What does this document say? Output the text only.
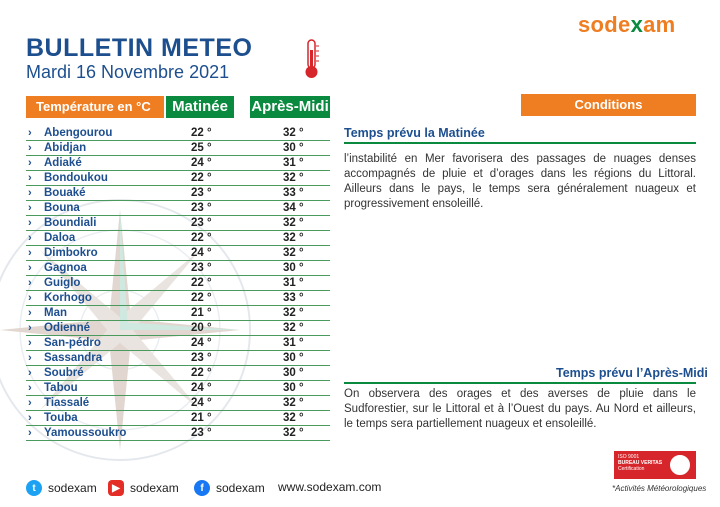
BULLETIN METEO
Mardi 16 Novembre 2021
sodexam
Température en °C	Matinée	Après-Midi
› Abengourou	22 °	32 °
› Abidjan	25 °	30 °
› Adiaké	24 °	31 °
› Bondoukou	22 °	32 °
› Bouaké	23 °	33 °
› Bouna	23 °	34 °
› Boundiali	23 °	32 °
› Daloa	22 °	32 °
› Dimbokro	24 °	32 °
› Gagnoa	23 °	30 °
› Guiglo	22 °	31 °
› Korhogo	22 °	33 °
› Man	21 °	32 °
› Odienné	20 °	32 °
› San-pédro	24 °	31 °
› Sassandra	23 °	30 °
› Soubré	22 °	30 °
› Tabou	24 °	30 °
› Tiassalé	24 °	32 °
› Touba	21 °	32 °
› Yamoussoukro	23 °	32 °
Conditions Météorologiques
Temps prévu la Matinée
l’instabilité en Mer favorisera des passages de nuages denses accompagnés de pluie et d’orages dans les régions du Littoral. Ailleurs dans le pays, le temps sera généralement nuageux et progressivement ensoleillé.
Temps prévu l’Après-Midi
On observera des orages et des averses de pluie dans le Sudforestier, sur le Littoral et à l’Ouest du pays. Au Nord et ailleurs, le temps sera partiellement nuageux et ensoleillé.
t	sodexam	▶ sodexam	f	sodexam www.sodexam.com
ISO 9001
BUREAU VERITAS
Certification
*Activités Météorologiques
